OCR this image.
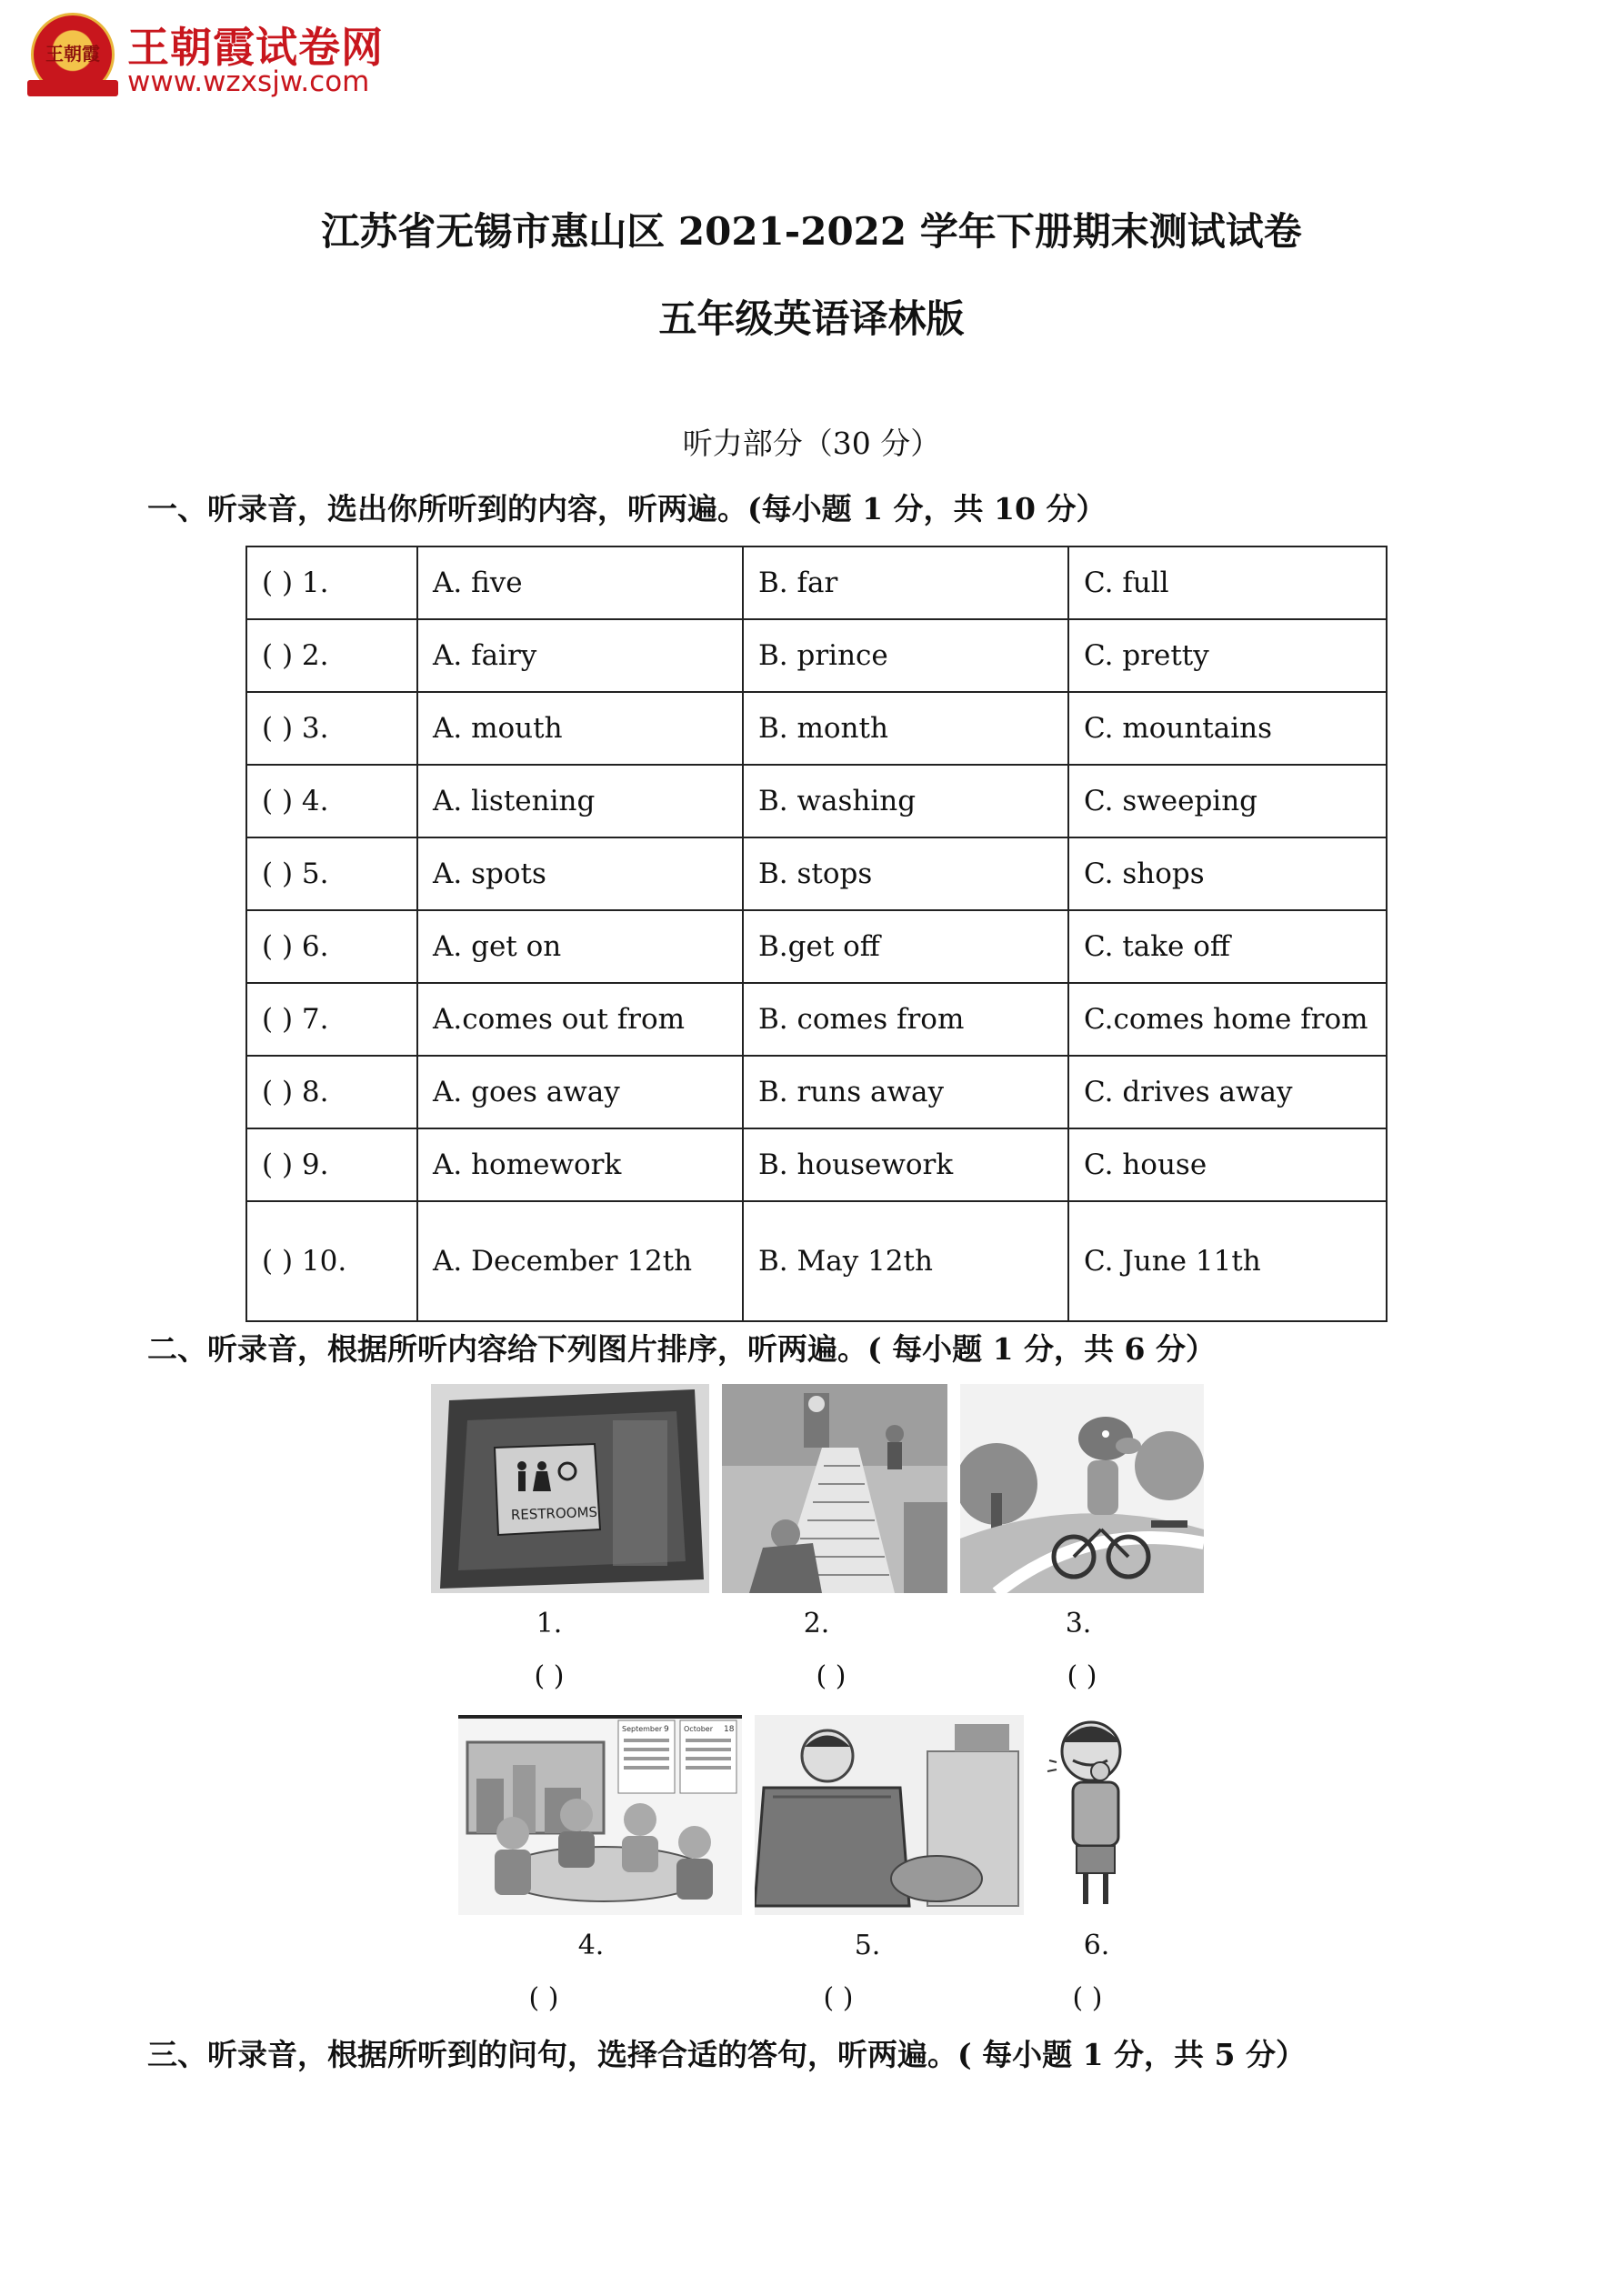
王朝霞 王朝霞试卷网
www.wzxsjw.com
江苏省无锡市惠山区 2021-2022 学年下册期末测试试卷
五年级英语译林版
听力部分（30 分）
一、听录音，选出你所听到的内容，听两遍。(每小题 1 分，共 10 分）
( ) 1.	A. five	B. far	C. full
( ) 2.	A. fairy	B. prince	C. pretty
( ) 3.	A. mouth	B. month	C. mountains
( ) 4.	A. listening	B. washing	C. sweeping
( ) 5.	A. spots	B. stops	C. shops
( ) 6.	A. get on	B.get off	C. take off
( ) 7.	A.comes out from	B. comes from	C.comes home from
( ) 8.	A. goes away	B. runs away	C. drives away
( ) 9.	A. homework	B. housework	C. house
( ) 10.	A. December 12th	B. May 12th	C. June 11th
二、听录音，根据所听内容给下列图片排序，听两遍。( 每小题 1 分，共 6 分）
RESTROOMS
1.	2.	3.
( )	( )	( )
September 9 October 18
4.	5.	6.
( )	( )	( )
三、听录音，根据所听到的问句，选择合适的答句，听两遍。( 每小题 1 分，共 5 分）
